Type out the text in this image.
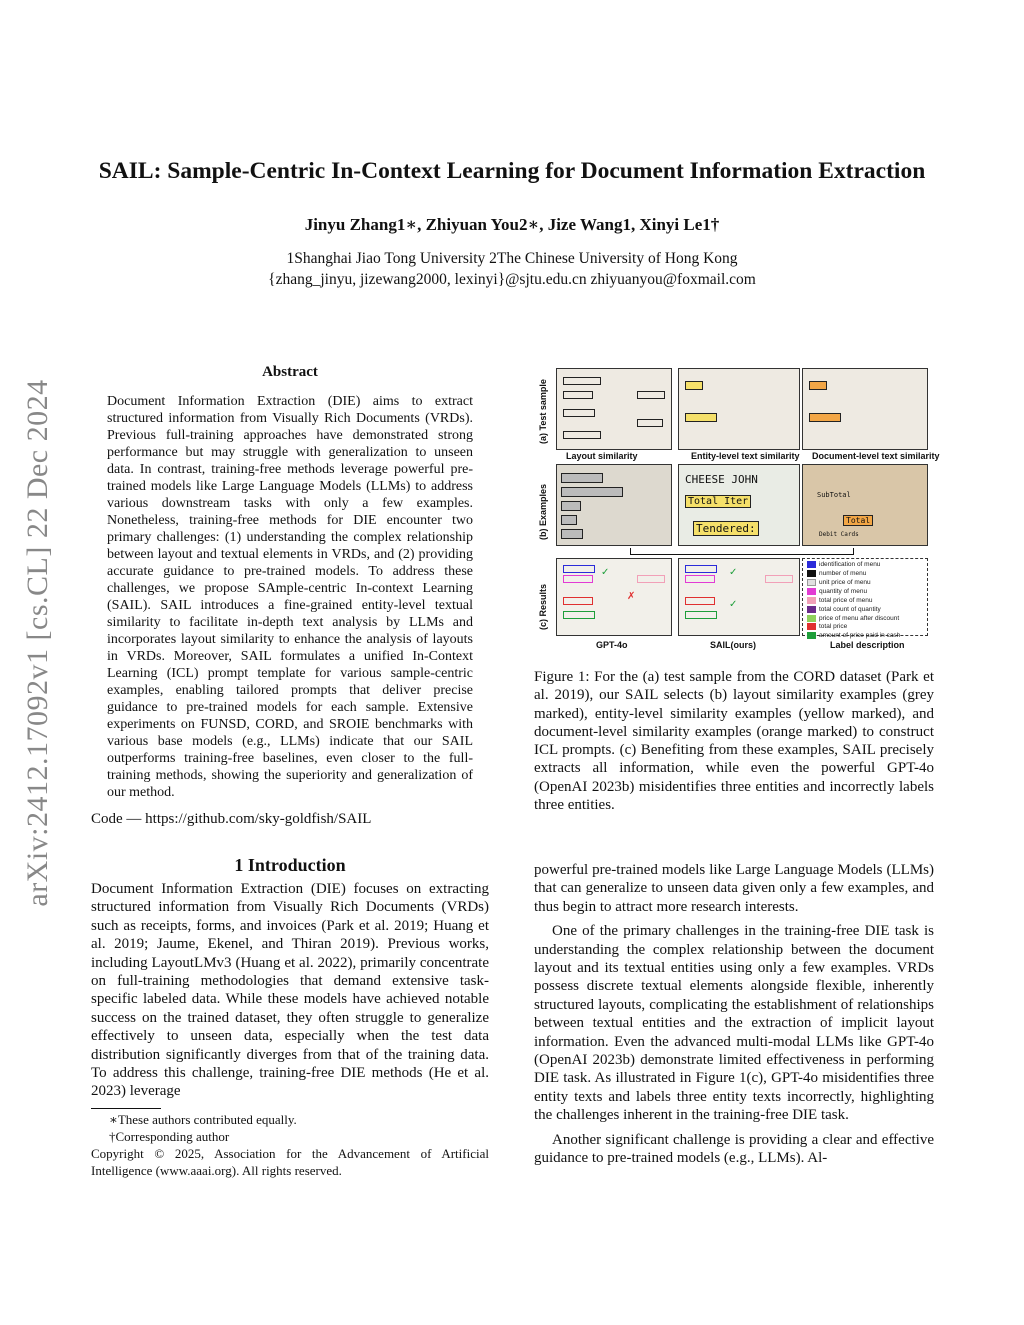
arXiv:2412.17092v1 [cs.CL] 22 Dec 2024
SAIL: Sample-Centric In-Context Learning for Document Information Extraction
Jinyu Zhang1∗, Zhiyuan You2∗, Jize Wang1, Xinyi Le1†
1Shanghai Jiao Tong University 2The Chinese University of Hong Kong
{zhang_jinyu, jizewang2000, lexinyi}@sjtu.edu.cn zhiyuanyou@foxmail.com
Abstract
Document Information Extraction (DIE) aims to extract structured information from Visually Rich Documents (VRDs). Previous full-training approaches have demonstrated strong performance but may struggle with generalization to unseen data. In contrast, training-free methods leverage powerful pre-trained models like Large Language Models (LLMs) to address various downstream tasks with only a few examples. Nonetheless, training-free methods for DIE encounter two primary challenges: (1) understanding the complex relationship between layout and textual elements in VRDs, and (2) providing accurate guidance to pre-trained models. To address these challenges, we propose SAmple-centric In-context Learning (SAIL). SAIL introduces a fine-grained entity-level textual similarity to facilitate in-depth text analysis by LLMs and incorporates layout similarity to enhance the analysis of layouts in VRDs. Moreover, SAIL formulates a unified In-Context Learning (ICL) prompt template for various sample-centric examples, enabling tailored prompts that deliver precise guidance to pre-trained models for each sample. Extensive experiments on FUNSD, CORD, and SROIE benchmarks with various base models (e.g., LLMs) indicate that our SAIL outperforms training-free baselines, even closer to the full-training methods, showing the superiority and generalization of our method.
Code — https://github.com/sky-goldfish/SAIL
1 Introduction
Document Information Extraction (DIE) focuses on extracting structured information from Visually Rich Documents (VRDs) such as receipts, forms, and invoices (Park et al. 2019; Huang et al. 2019; Jaume, Ekenel, and Thiran 2019). Previous works, including LayoutLMv3 (Huang et al. 2022), primarily concentrate on full-training methodologies that demand extensive task-specific labeled data. While these models have achieved notable success on the trained dataset, they often struggle to generalize effectively to unseen data, especially when the test data distribution significantly diverges from that of the training data. To address this challenge, training-free DIE methods (He et al. 2023) leverage
∗These authors contributed equally.
†Corresponding author
Copyright © 2025, Association for the Advancement of Artificial Intelligence (www.aaai.org). All rights reserved.
(a) Test sample
(b) Examples
(c) Results
Layout similarity	Entity-level text similarity Document-level text similarity
CHEESE JOHN
Total Iter
Tendered:
SubTotal
Total
Debit Cards
✗
✓	✓
✓
identification of menu
number of menu
unit price of menu
quantity of menu
total price of menu
total count of quantity
price of menu after discount
total price
amount of price paid in cash
GPT-4o	SAIL(ours)	Label description
Figure 1: For the (a) test sample from the CORD dataset (Park et al. 2019), our SAIL selects (b) layout similarity examples (grey marked), entity-level similarity examples (yellow marked), and document-level similarity examples (orange marked) to construct ICL prompts. (c) Benefiting from these examples, SAIL precisely extracts all information, while even the powerful GPT-4o (OpenAI 2023b) misidentifies three entities and incorrectly labels three entities.

powerful pre-trained models like Large Language Models (LLMs) that can generalize to unseen data given only a few examples, and thus begin to attract more research interests.

One of the primary challenges in the training-free DIE task is understanding the complex relationship between the document layout and its textual entities using only a few examples. VRDs possess discrete textual elements alongside flexible, inherently structured layouts, complicating the establishment of relationships between textual entities and the extraction of implicit layout information. Even the advanced multi-modal LLMs like GPT-4o (OpenAI 2023b) demonstrate limited effectiveness in performing DIE task. As illustrated in Figure 1(c), GPT-4o misidentifies three entity texts and labels three entity texts incorrectly, highlighting the challenges inherent in the training-free DIE task.

Another significant challenge is providing a clear and effective guidance to pre-trained models (e.g., LLMs). Al-
